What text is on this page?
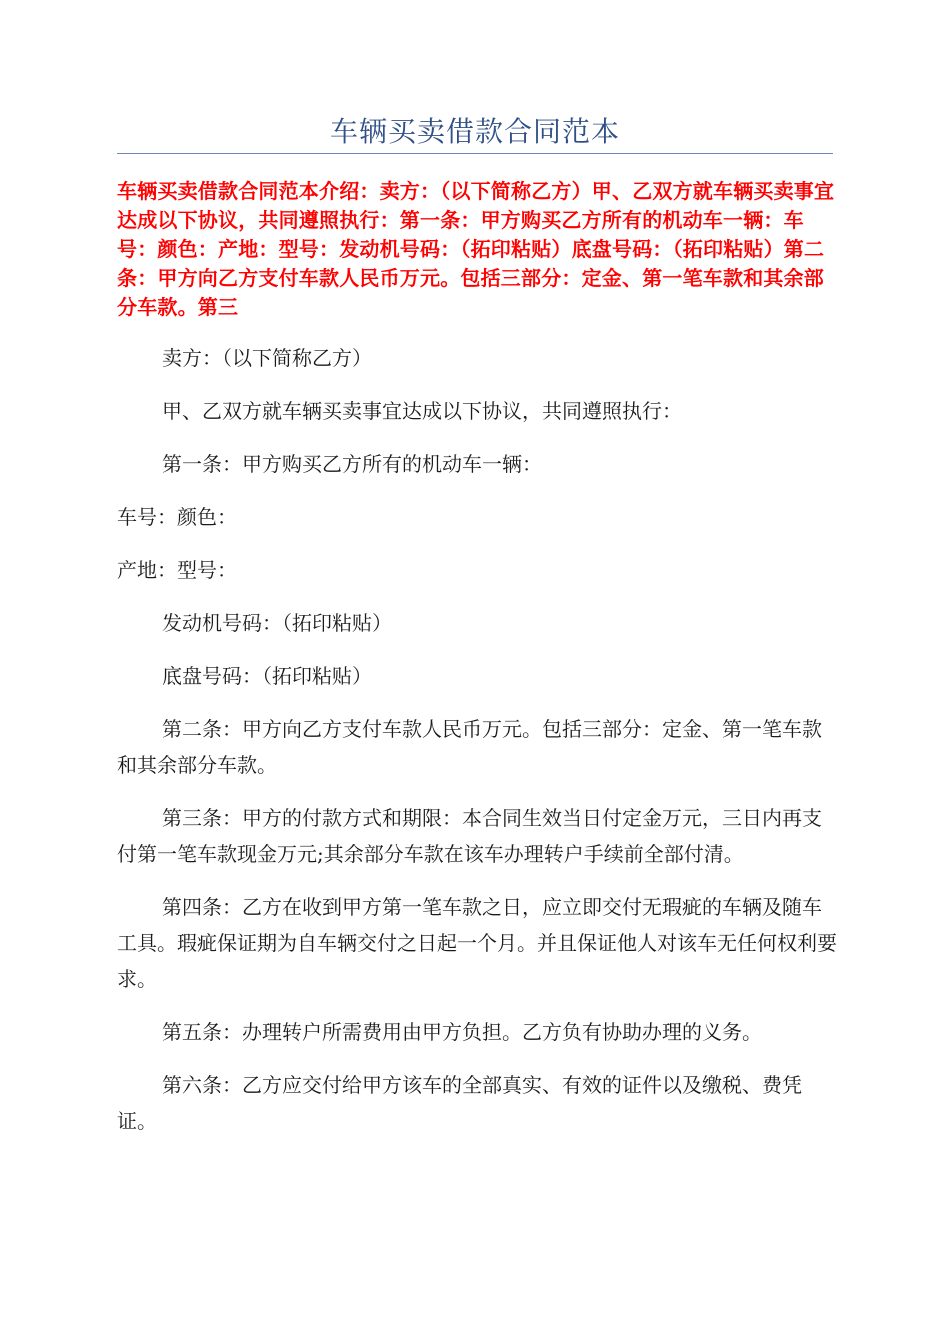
车辆买卖借款合同范本
车辆买卖借款合同范本介绍：卖方：（以下简称乙方）甲、乙双方就车辆买卖事宜达成以下协议，共同遵照执行：第一条：甲方购买乙方所有的机动车一辆：车号：颜色：产地：型号：发动机号码：（拓印粘贴）底盘号码：（拓印粘贴）第二条：甲方向乙方支付车款人民币万元。包括三部分：定金、第一笔车款和其余部分车款。第三

卖方：（以下简称乙方）

甲、乙双方就车辆买卖事宜达成以下协议，共同遵照执行：

第一条：甲方购买乙方所有的机动车一辆：

车号：颜色：

产地：型号：

发动机号码：（拓印粘贴）

底盘号码：（拓印粘贴）

第二条：甲方向乙方支付车款人民币万元。包括三部分：定金、第一笔车款和其余部分车款。

第三条：甲方的付款方式和期限：本合同生效当日付定金万元，三日内再支付第一笔车款现金万元;其余部分车款在该车办理转户手续前全部付清。

第四条：乙方在收到甲方第一笔车款之日，应立即交付无瑕疵的车辆及随车工具。瑕疵保证期为自车辆交付之日起一个月。并且保证他人对该车无任何权利要求。

第五条：办理转户所需费用由甲方负担。乙方负有协助办理的义务。

第六条：乙方应交付给甲方该车的全部真实、有效的证件以及缴税、费凭证。
